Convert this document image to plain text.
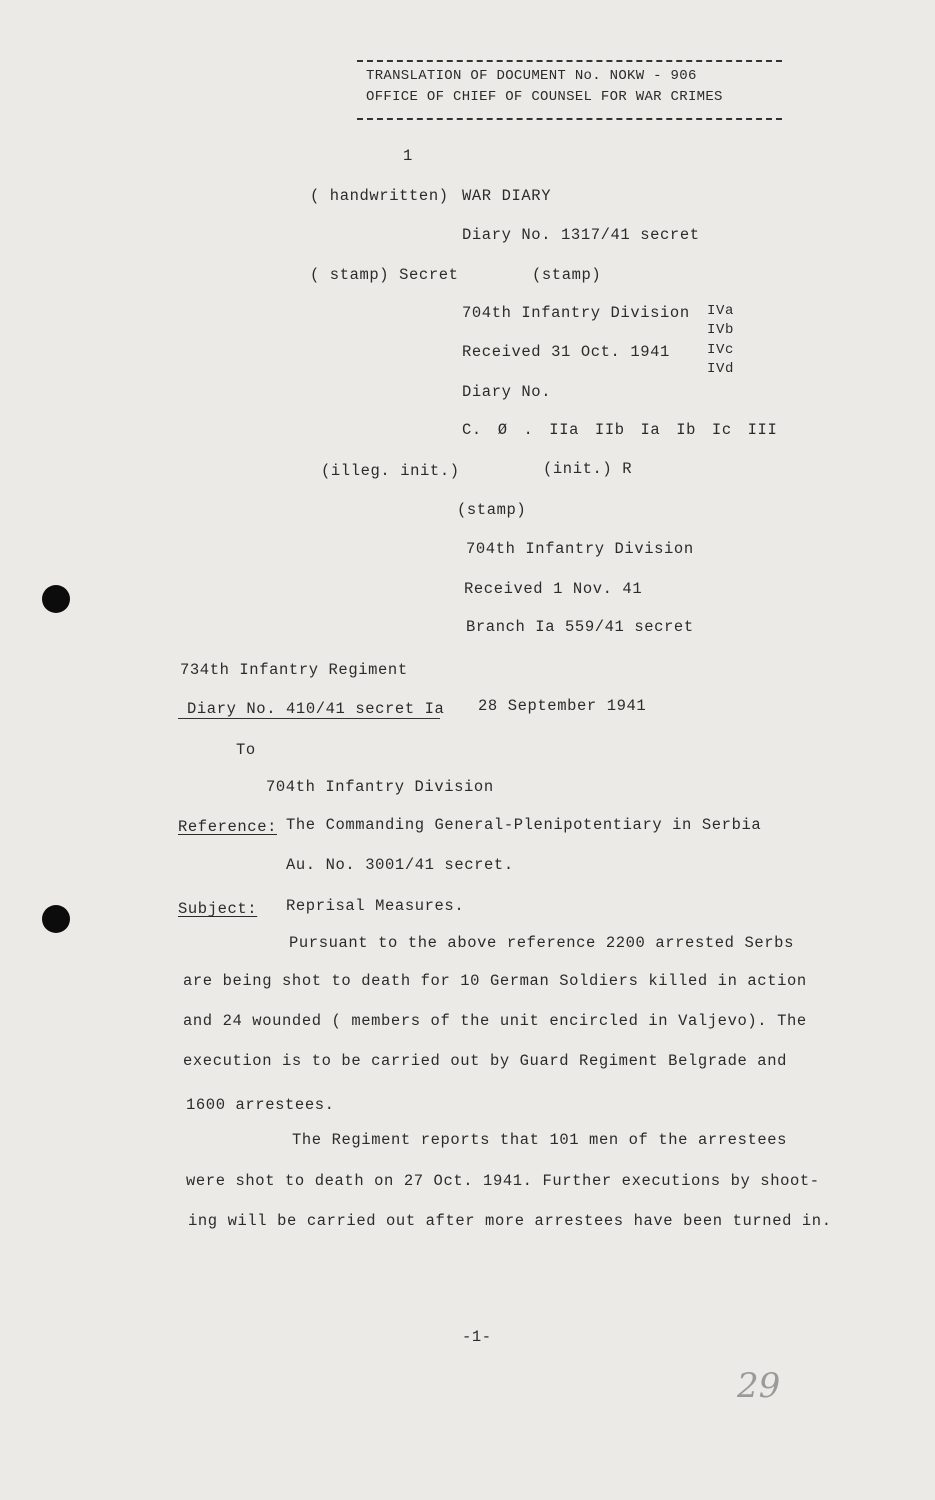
TRANSLATION OF DOCUMENT No. NOKW - 906
OFFICE OF CHIEF OF COUNSEL FOR WAR CRIMES
1
( handwritten) WAR DIARY
Diary No. 1317/41 secret
( stamp) Secret	(stamp)
704th Infantry Division IVa
IVb
Received 31 Oct. 1941	IVc
IVd
Diary No.
C. Ø . IIa IIb Ia Ib Ic III
(illeg. init.)	(init.) R
(stamp)
704th Infantry Division
Received 1 Nov. 41
Branch Ia 559/41 secret
734th Infantry Regiment
Diary No. 410/41 secret Ia 28 September 1941
To
704th Infantry Division
Reference: The Commanding General-Plenipotentiary in Serbia
Au. No. 3001/41 secret.
Subject: Reprisal Measures.
Pursuant to the above reference 2200 arrested Serbs
are being shot to death for 10 German Soldiers killed in action
and 24 wounded ( members of the unit encircled in Valjevo). The
execution is to be carried out by Guard Regiment Belgrade and
1600 arrestees.
The Regiment reports that 101 men of the arrestees
were shot to death on 27 Oct. 1941. Further executions by shoot-
ing will be carried out after more arrestees have been turned in.
-1-
29
